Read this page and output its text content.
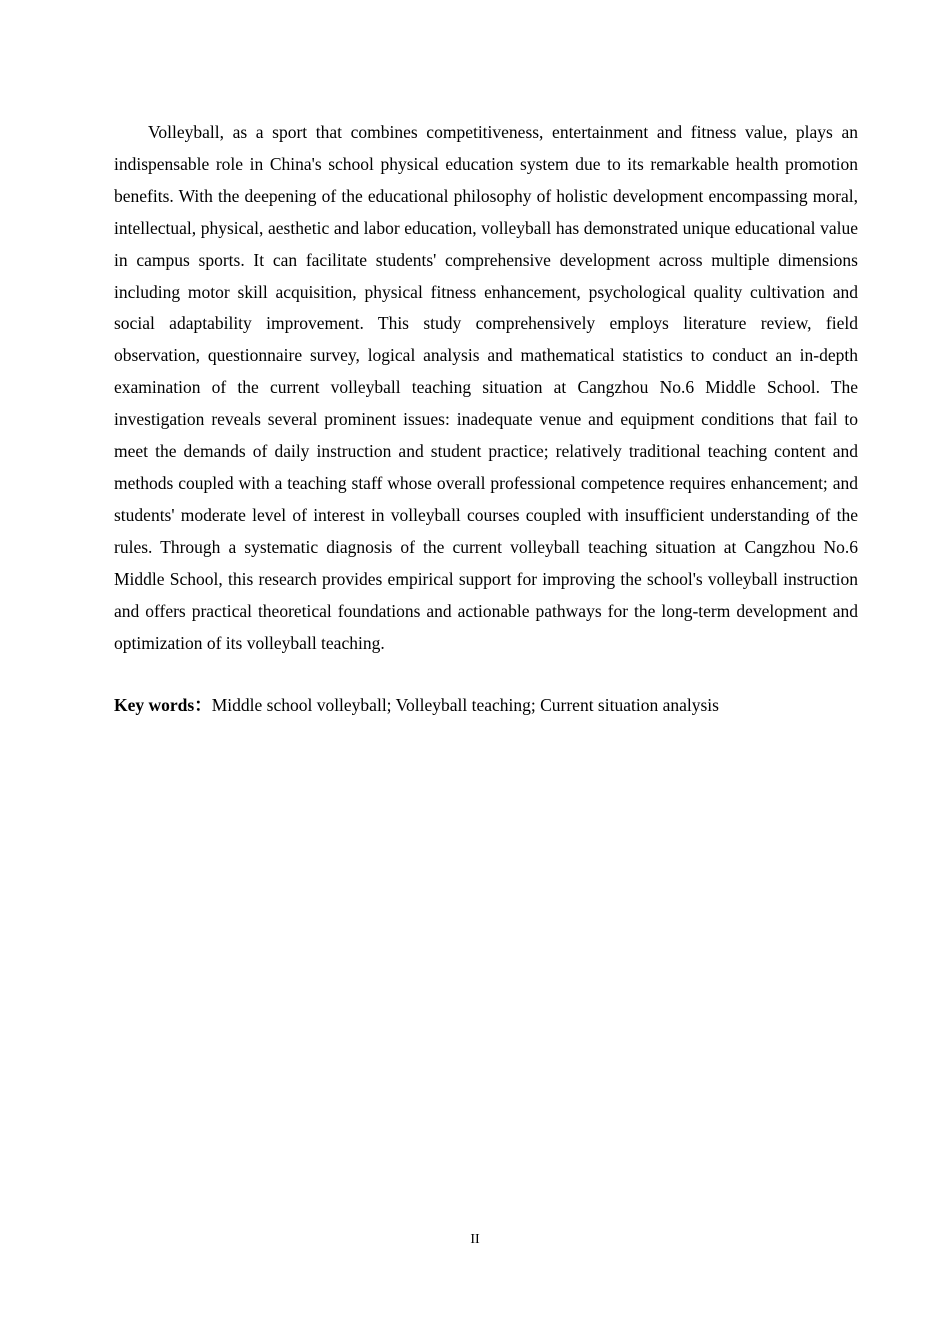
Volleyball, as a sport that combines competitiveness, entertainment and fitness value, plays an indispensable role in China's school physical education system due to its remarkable health promotion benefits. With the deepening of the educational philosophy of holistic development encompassing moral, intellectual, physical, aesthetic and labor education, volleyball has demonstrated unique educational value in campus sports. It can facilitate students' comprehensive development across multiple dimensions including motor skill acquisition, physical fitness enhancement, psychological quality cultivation and social adaptability improvement. This study comprehensively employs literature review, field observation, questionnaire survey, logical analysis and mathematical statistics to conduct an in-depth examination of the current volleyball teaching situation at Cangzhou No.6 Middle School. The investigation reveals several prominent issues: inadequate venue and equipment conditions that fail to meet the demands of daily instruction and student practice; relatively traditional teaching content and methods coupled with a teaching staff whose overall professional competence requires enhancement; and students' moderate level of interest in volleyball courses coupled with insufficient understanding of the rules. Through a systematic diagnosis of the current volleyball teaching situation at Cangzhou No.6 Middle School, this research provides empirical support for improving the school's volleyball instruction and offers practical theoretical foundations and actionable pathways for the long-term development and optimization of its volleyball teaching.

Key words：Middle school volleyball; Volleyball teaching; Current situation analysis

II
